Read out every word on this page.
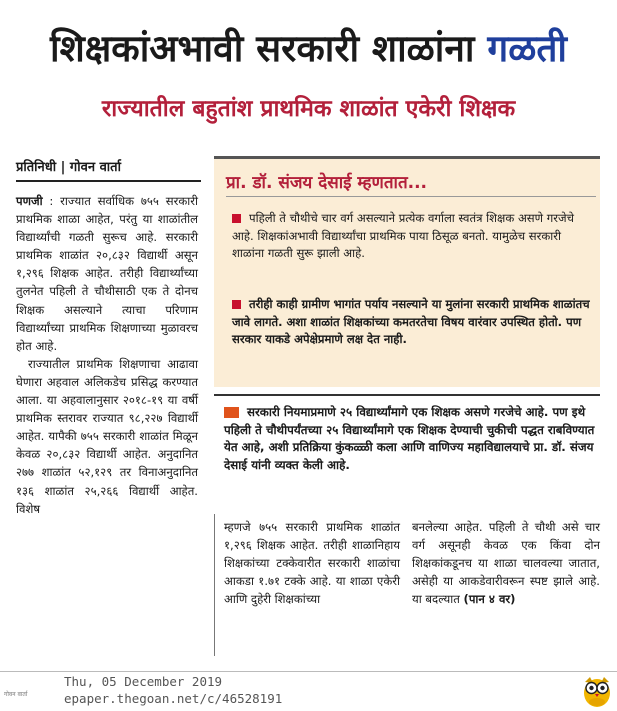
शिक्षकांअभावी सरकारी शाळांना गळती
राज्यातील बहुतांश प्राथमिक शाळांत एकेरी शिक्षक
प्रतिनिधी | गोवन वार्ता

पणजी : राज्यात सर्वाधिक ७५५ सरकारी प्राथमिक शाळा आहेत, परंतु या शाळांतील विद्यार्थ्यांची गळती सुरूच आहे. सरकारी प्राथमिक शाळांत २०,८३२ विद्यार्थी असून १,२९६ शिक्षक आहेत. तरीही विद्यार्थ्यांच्या तुलनेत पहिली ते चौथीसाठी एक ते दोनच शिक्षक असल्याने त्याचा परिणाम विद्यार्थ्यांच्या प्राथमिक शिक्षणाच्या मुळावरच होत आहे.

राज्यातील प्राथमिक शिक्षणाचा आढावा घेणारा अहवाल अलिकडेच प्रसिद्ध करण्यात आला. या अहवालानुसार २०१८-१९ या वर्षी प्राथमिक स्तरावर राज्यात ९८,२२७ विद्यार्थी आहेत. यापैकी ७५५ सरकारी शाळांत मिळून केवळ २०,८३२ विद्यार्थी आहेत. अनुदानित २७७ शाळांत ५२,१२९ तर विनाअनुदानित १३६ शाळांत २५,२६६ विद्यार्थी आहेत. विशेष

प्रा. डॉ. संजय देसाई म्हणतात...
पहिली ते चौथीचे चार वर्ग असल्याने प्रत्येक वर्गाला स्वतंत्र शिक्षक असणे गरजेचे आहे. शिक्षकांअभावी विद्यार्थ्यांचा प्राथमिक पाया ठिसूळ बनतो. यामुळेच सरकारी शाळांना गळती सुरू झाली आहे.
तरीही काही ग्रामीण भागांत पर्याय नसल्याने या मुलांना सरकारी प्राथमिक शाळांतच जावे लागते. अशा शाळांत शिक्षकांच्या कमतरतेचा विषय वारंवार उपस्थित होतो. पण सरकार याकडे अपेक्षेप्रमाणे लक्ष देत नाही.
सरकारी नियमाप्रमाणे २५ विद्यार्थ्यांमागे एक शिक्षक असणे गरजेचे आहे. पण इथे पहिली ते चौथीपर्यंतच्या २५ विद्यार्थ्यांमागे एक शिक्षक देण्याची चुकीची पद्धत राबविण्यात येत आहे, अशी प्रतिक्रिया कुंकळ्ळी कला आणि वाणिज्य महाविद्यालयाचे प्रा. डॉ. संजय देसाई यांनी व्यक्त केली आहे.

म्हणजे ७५५ सरकारी प्राथमिक शाळांत १,२९६ शिक्षक आहेत. तरीही शाळानिहाय शिक्षकांच्या टक्केवारीत सरकारी शाळांचा आकडा १.७१ टक्के आहे. या शाळा एकेरी आणि दुहेरी शिक्षकांच्या

बनलेल्या आहेत. पहिली ते चौथी असे चार वर्ग असूनही केवळ एक किंवा दोन शिक्षकांकडूनच या शाळा चालवल्या जातात, असेही या आकडेवारीवरून स्पष्ट झाले आहे. या बदल्यात (पान ४ वर)

Thu, 05 December 2019
epaper.thegoan.net/c/46528191
गोवन वार्ता
